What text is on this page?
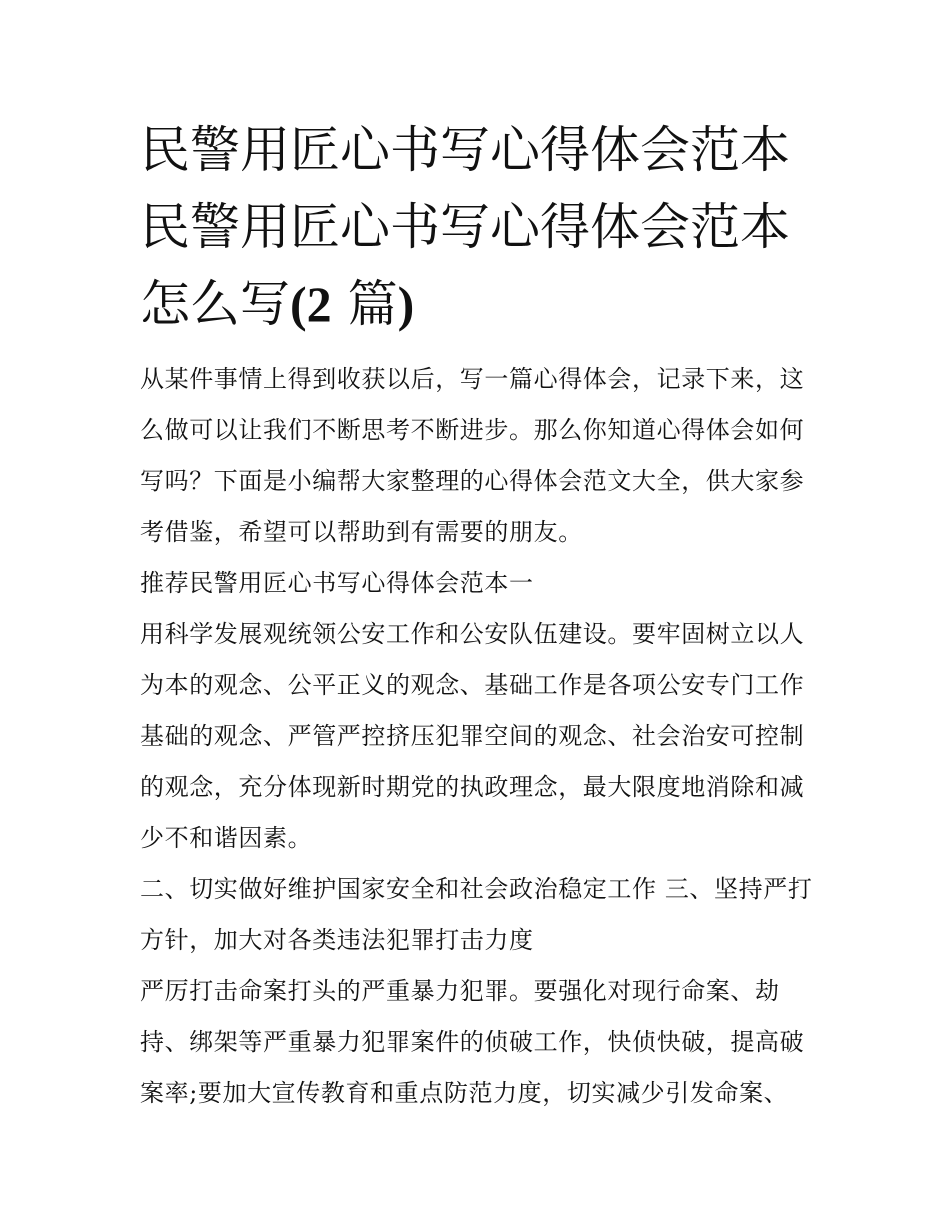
民警用匠心书写心得体会范本民警用匠心书写心得体会范本怎么写(2 篇)

从某件事情上得到收获以后，写一篇心得体会，记录下来，这么做可以让我们不断思考不断进步。那么你知道心得体会如何写吗？下面是小编帮大家整理的心得体会范文大全，供大家参考借鉴，希望可以帮助到有需要的朋友。

推荐民警用匠心书写心得体会范本一

用科学发展观统领公安工作和公安队伍建设。要牢固树立以人为本的观念、公平正义的观念、基础工作是各项公安专门工作基础的观念、严管严控挤压犯罪空间的观念、社会治安可控制的观念，充分体现新时期党的执政理念，最大限度地消除和减少不和谐因素。

二、切实做好维护国家安全和社会政治稳定工作 三、坚持严打方针，加大对各类违法犯罪打击力度

严厉打击命案打头的严重暴力犯罪。要强化对现行命案、劫持、绑架等严重暴力犯罪案件的侦破工作，快侦快破，提高破案率;要加大宣传教育和重点防范力度，切实减少引发命案、
